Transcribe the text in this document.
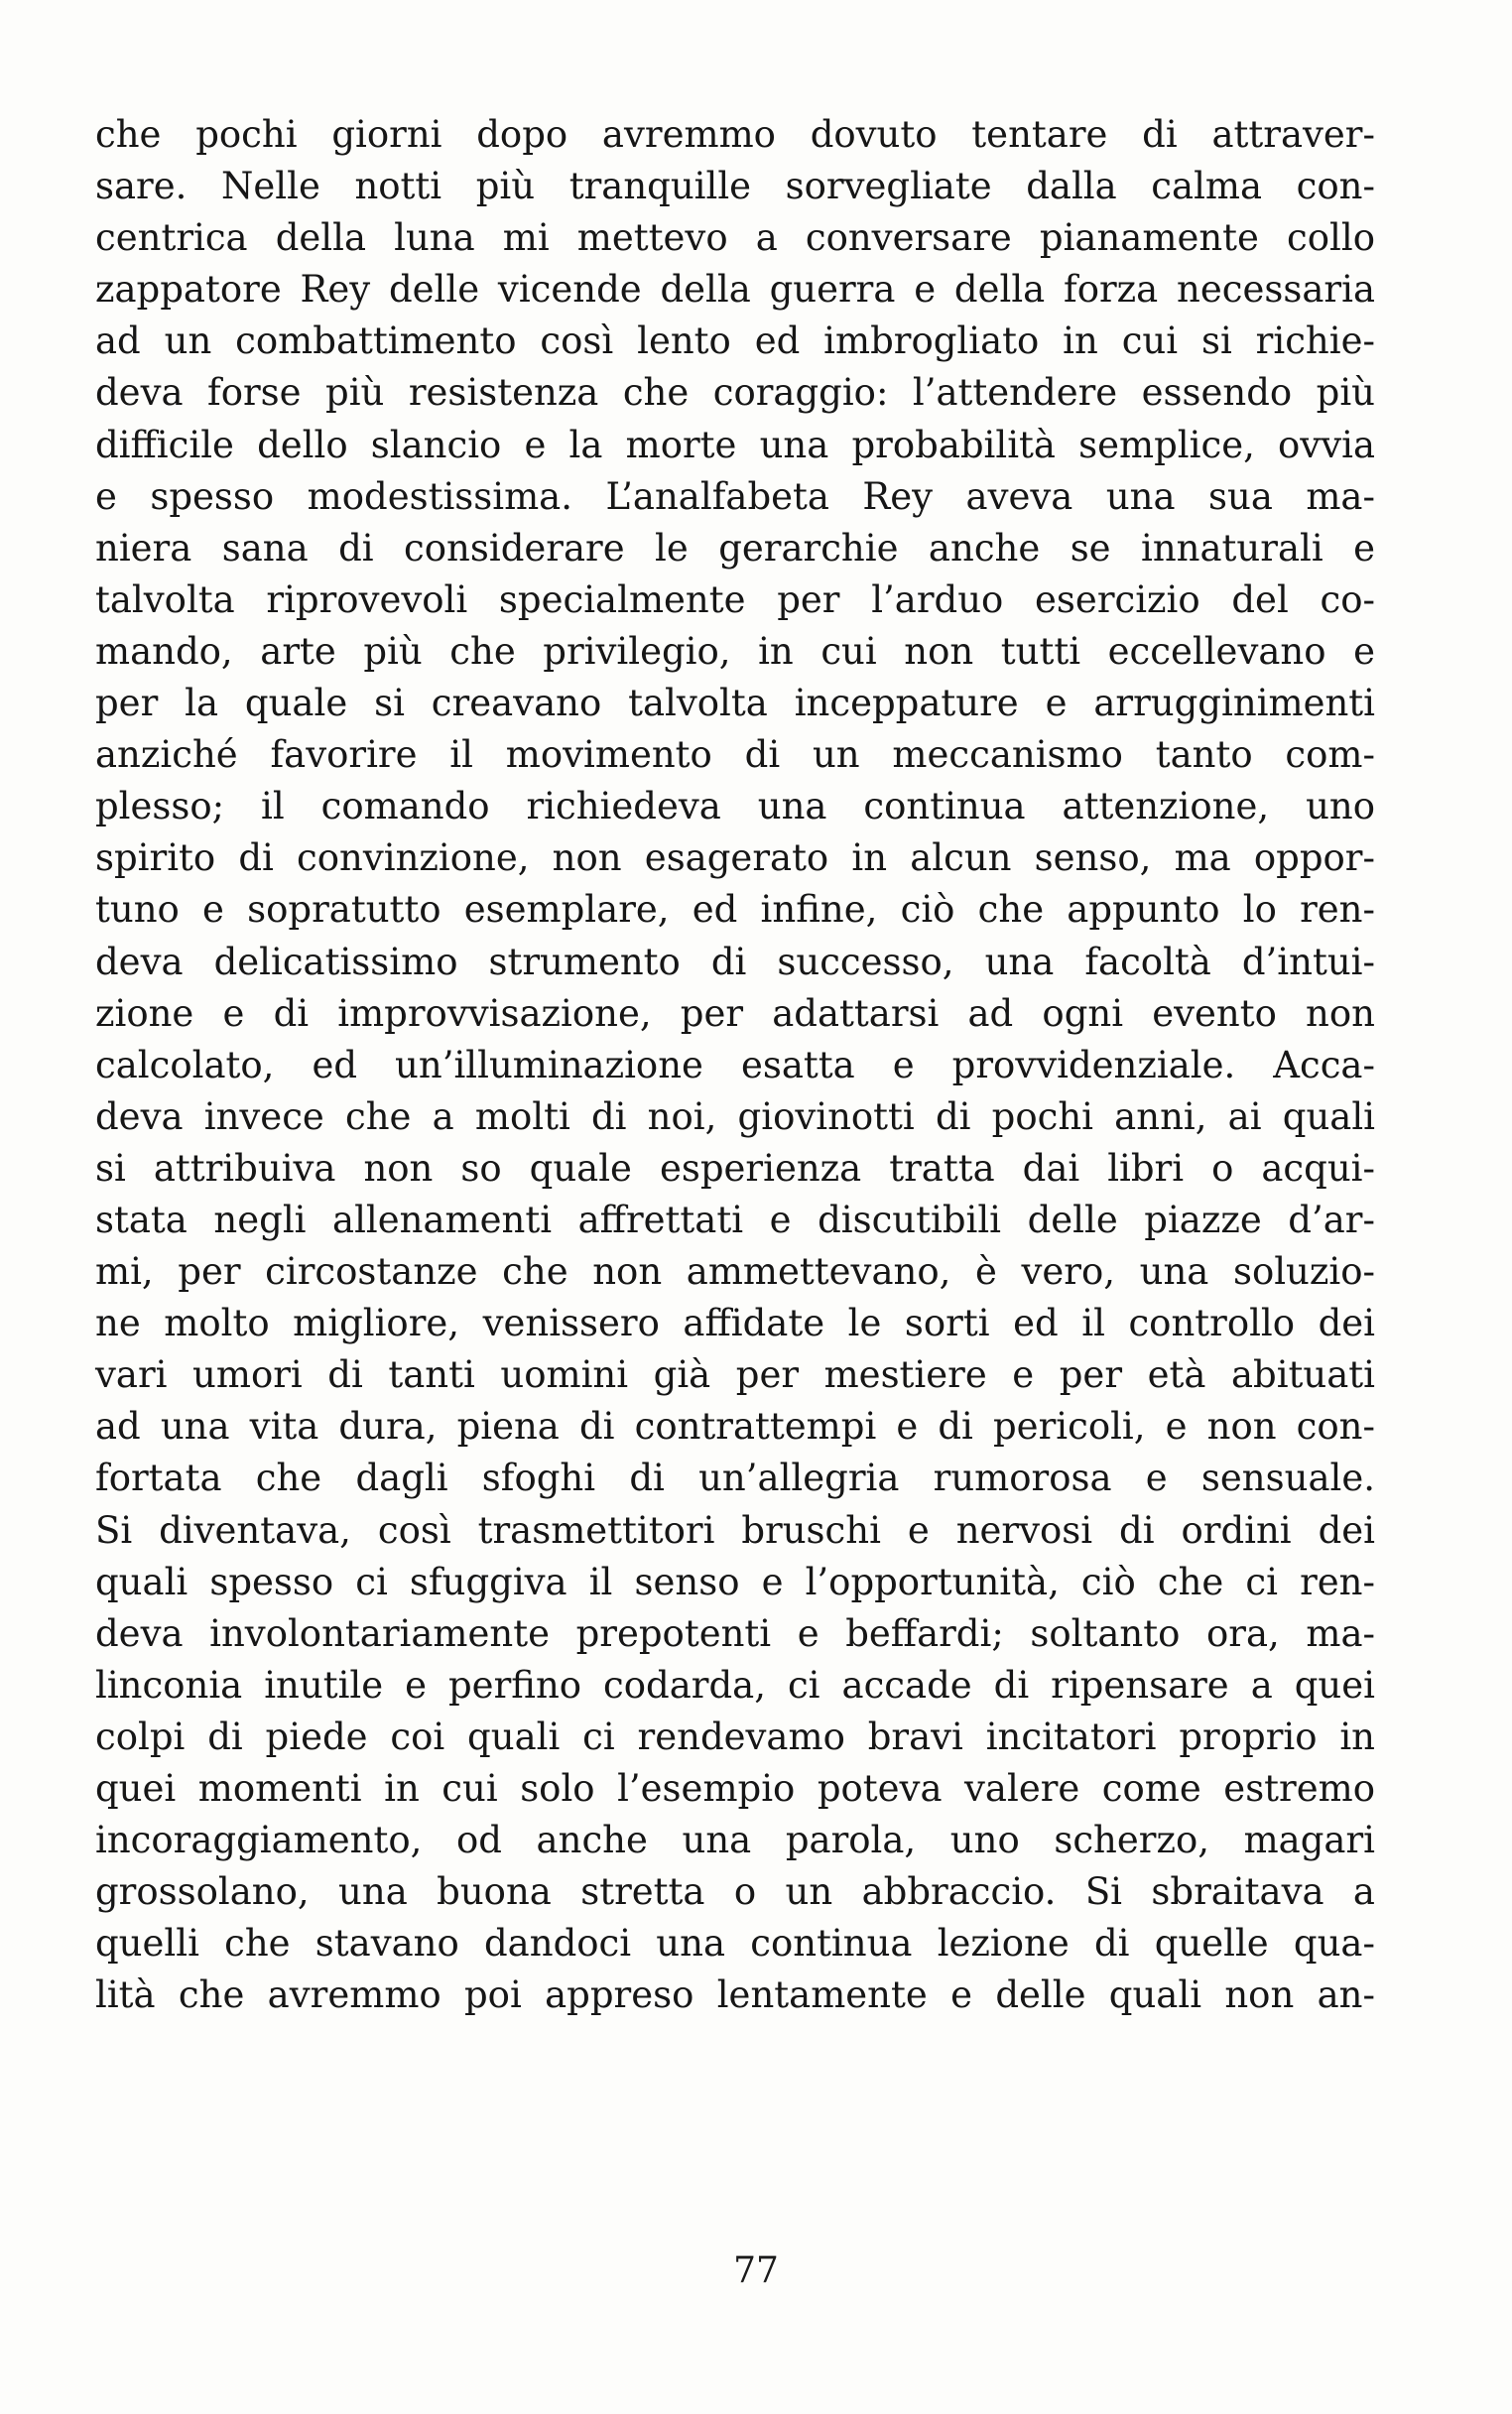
che pochi giorni dopo avremmo dovuto tentare di attraver-
sare. Nelle notti più tranquille sorvegliate dalla calma con-
centrica della luna mi mettevo a conversare pianamente collo
zappatore Rey delle vicende della guerra e della forza necessaria
ad un combattimento così lento ed imbrogliato in cui si richie-
deva forse più resistenza che coraggio: l’attendere essendo più
difficile dello slancio e la morte una probabilità semplice, ovvia
e spesso modestissima. L’analfabeta Rey aveva una sua ma-
niera sana di considerare le gerarchie anche se innaturali e
talvolta riprovevoli specialmente per l’arduo esercizio del co-
mando, arte più che privilegio, in cui non tutti eccellevano e
per la quale si creavano talvolta inceppature e arrugginimenti
anziché favorire il movimento di un meccanismo tanto com-
plesso; il comando richiedeva una continua attenzione, uno
spirito di convinzione, non esagerato in alcun senso, ma oppor-
tuno e sopratutto esemplare, ed infine, ciò che appunto lo ren-
deva delicatissimo strumento di successo, una facoltà d’intui-
zione e di improvvisazione, per adattarsi ad ogni evento non
calcolato, ed un’illuminazione esatta e provvidenziale. Acca-
deva invece che a molti di noi, giovinotti di pochi anni, ai quali
si attribuiva non so quale esperienza tratta dai libri o acqui-
stata negli allenamenti affrettati e discutibili delle piazze d’ar-
mi, per circostanze che non ammettevano, è vero, una soluzio-
ne molto migliore, venissero affidate le sorti ed il controllo dei
vari umori di tanti uomini già per mestiere e per età abituati
ad una vita dura, piena di contrattempi e di pericoli, e non con-
fortata che dagli sfoghi di un’allegria rumorosa e sensuale.
Si diventava, così trasmettitori bruschi e nervosi di ordini dei
quali spesso ci sfuggiva il senso e l’opportunità, ciò che ci ren-
deva involontariamente prepotenti e beffardi; soltanto ora, ma-
linconia inutile e perfino codarda, ci accade di ripensare a quei
colpi di piede coi quali ci rendevamo bravi incitatori proprio in
quei momenti in cui solo l’esempio poteva valere come estremo
incoraggiamento, od anche una parola, uno scherzo, magari
grossolano, una buona stretta o un abbraccio. Si sbraitava a
quelli che stavano dandoci una continua lezione di quelle qua-
lità che avremmo poi appreso lentamente e delle quali non an-
77
